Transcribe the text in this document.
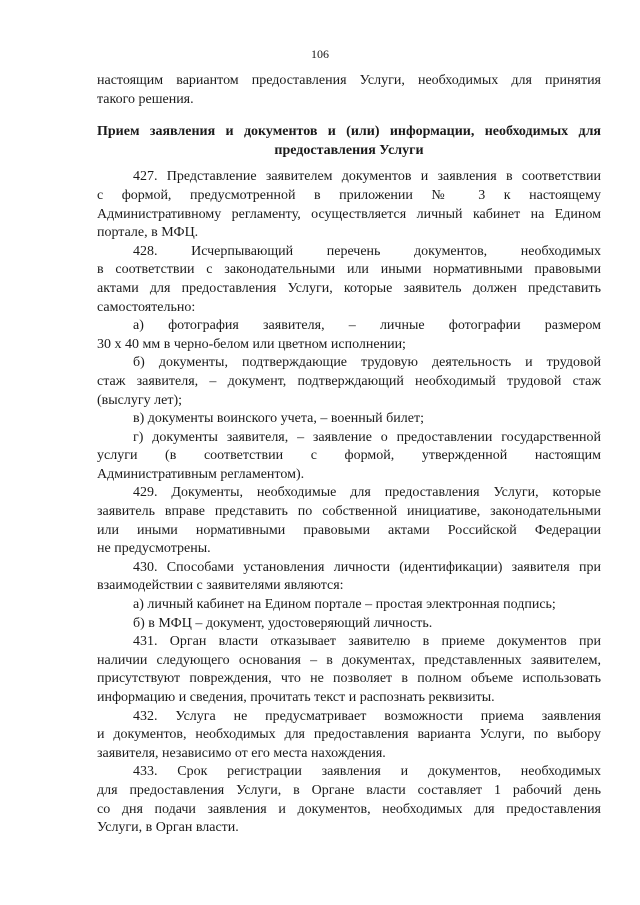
106
настоящим вариантом предоставления Услуги, необходимых для принятия
такого решения.
Прием заявления и документов и (или) информации, необходимых для
предоставления Услуги
427. Представление заявителем документов и заявления в соответствии
с формой, предусмотренной в приложении № 3 к настоящему
Административному регламенту, осуществляется личный кабинет на Едином
портале, в МФЦ.
428. Исчерпывающий перечень документов, необходимых
в соответствии с законодательными или иными нормативными правовыми
актами для предоставления Услуги, которые заявитель должен представить
самостоятельно:
а) фотография заявителя, – личные фотографии размером
30 х 40 мм в черно-белом или цветном исполнении;
б) документы, подтверждающие трудовую деятельность и трудовой
стаж заявителя, – документ, подтверждающий необходимый трудовой стаж
(выслугу лет);
в) документы воинского учета, – военный билет;
г) документы заявителя, – заявление о предоставлении государственной
услуги (в соответствии с формой, утвержденной настоящим
Административным регламентом).
429. Документы, необходимые для предоставления Услуги, которые
заявитель вправе представить по собственной инициативе, законодательными
или иными нормативными правовыми актами Российской Федерации
не предусмотрены.
430. Способами установления личности (идентификации) заявителя при
взаимодействии с заявителями являются:
а) личный кабинет на Едином портале – простая электронная подпись;
б) в МФЦ – документ, удостоверяющий личность.
431. Орган власти отказывает заявителю в приеме документов при
наличии следующего основания – в документах, представленных заявителем,
присутствуют повреждения, что не позволяет в полном объеме использовать
информацию и сведения, прочитать текст и распознать реквизиты.
432. Услуга не предусматривает возможности приема заявления
и документов, необходимых для предоставления варианта Услуги, по выбору
заявителя, независимо от его места нахождения.
433. Срок регистрации заявления и документов, необходимых
для предоставления Услуги, в Органе власти составляет 1 рабочий день
со дня подачи заявления и документов, необходимых для предоставления
Услуги, в Орган власти.
